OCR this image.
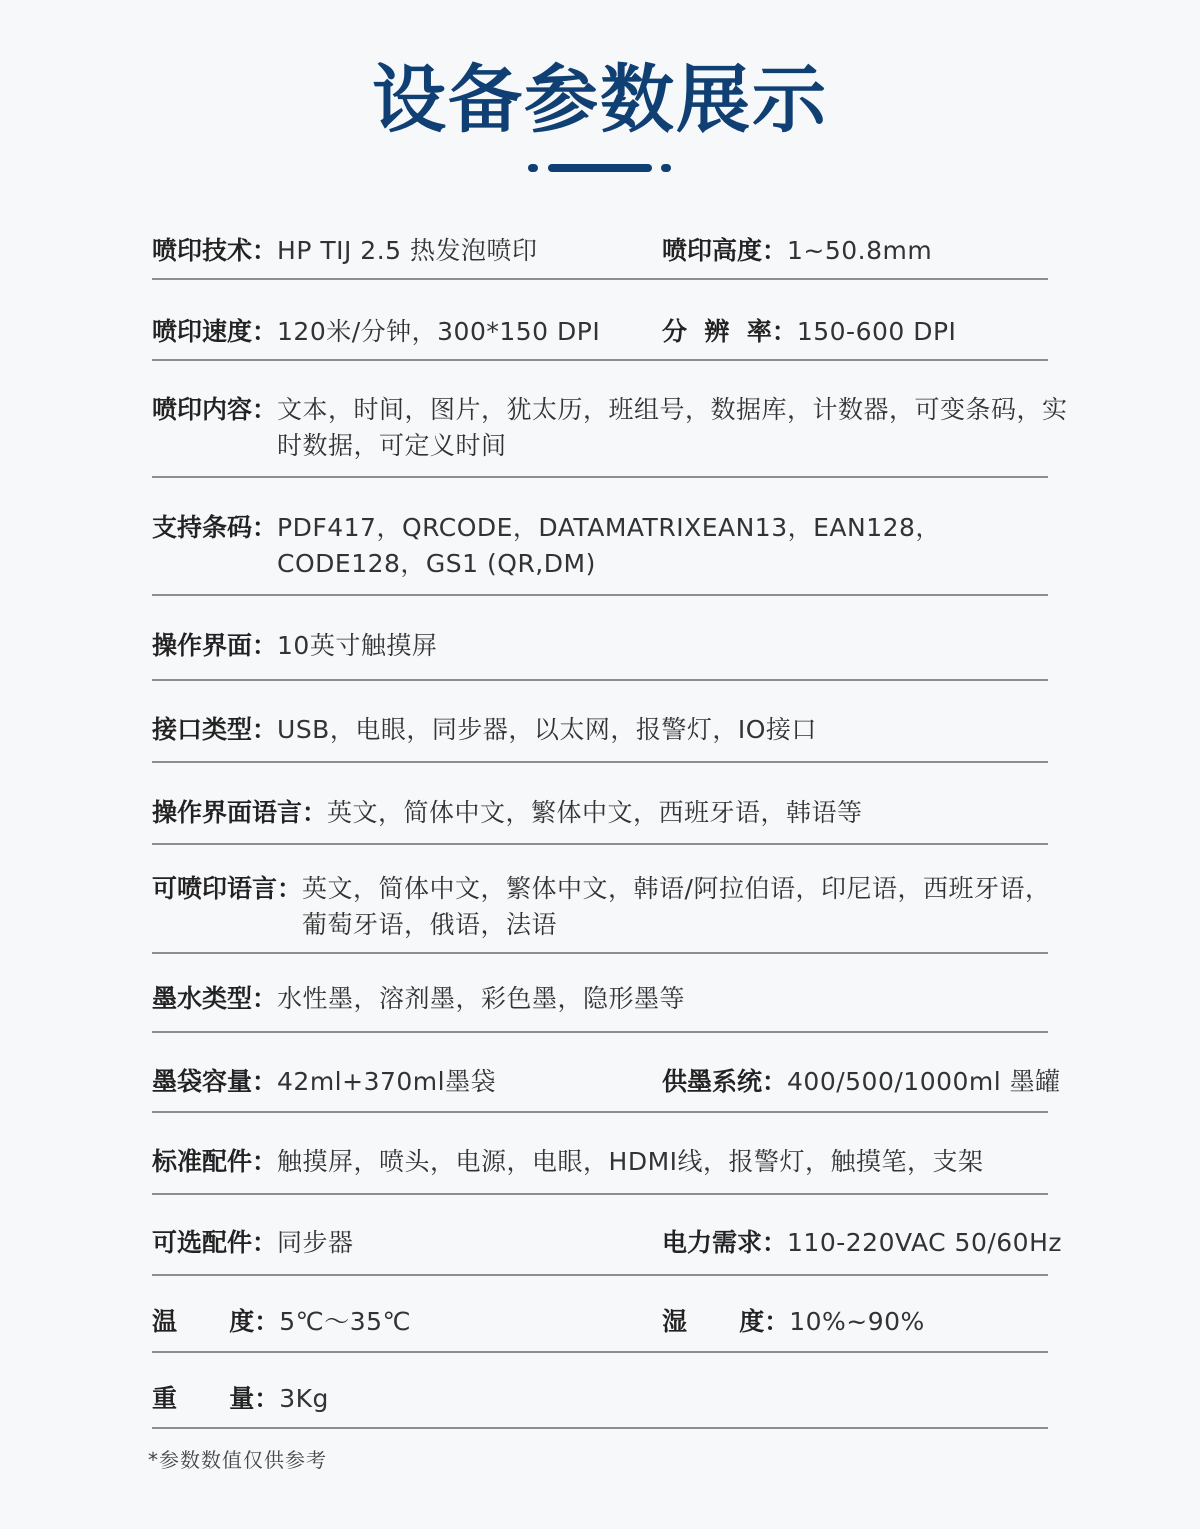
设备参数展示
喷印技术：HP TIJ 2.5 热发泡喷印	喷印高度：1~50.8mm
喷印速度：120米/分钟，300*150 DPI 分  辨  率：150-600 DPI
喷印内容： 文本，时间，图片，犹太历，班组号，数据库，计数器，可变条码，实时数据，可定义时间
支持条码： PDF417，QRCODE，DATAMATRIXEAN13，EAN128，CODE128，GS1 (QR,DM)
操作界面：10英寸触摸屏
接口类型：USB，电眼，同步器，以太网，报警灯，IO接口
操作界面语言：英文，简体中文，繁体中文，西班牙语，韩语等
可喷印语言： 英文，简体中文，繁体中文，韩语/阿拉伯语，印尼语，西班牙语，葡萄牙语，俄语，法语
墨水类型：水性墨，溶剂墨，彩色墨，隐形墨等
墨袋容量：42ml+370ml墨袋	供墨系统：400/500/1000ml 墨罐
标准配件：触摸屏，喷头，电源，电眼，HDMI线，报警灯，触摸笔，支架
可选配件：同步器	电力需求：110-220VAC 50/60Hz
温      度：5℃～35℃	湿      度：10%~90%
重      量：3Kg
*参数数值仅供参考
